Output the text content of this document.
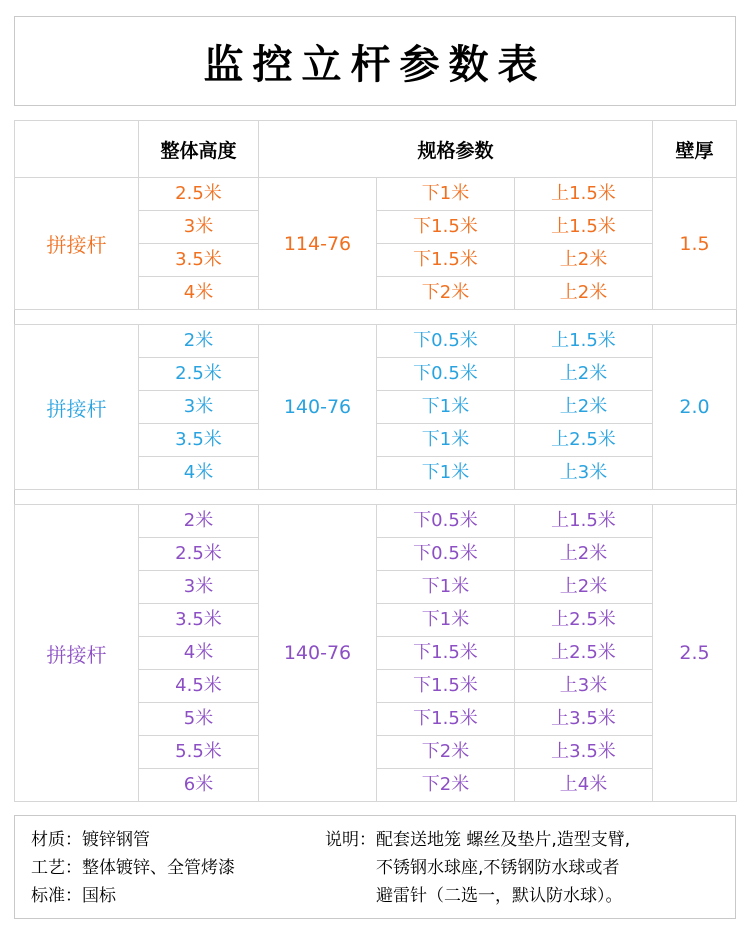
监控立杆参数表
	整体高度	规格参数			壁厚
拼接杆	2.5米	114-76	下1米	上1.5米	1.5
	3米		下1.5米	上1.5米	
	3.5米		下1.5米	上2米	
	4米		下2米	上2米	

拼接杆	2米	140-76	下0.5米	上1.5米	2.0
	2.5米		下0.5米	上2米	
	3米		下1米	上2米	
	3.5米		下1米	上2.5米	
	4米		下1米	上3米	

拼接杆	2米	140-76	下0.5米	上1.5米	2.5
	2.5米		下0.5米	上2米	
	3米		下1米	上2米	
	3.5米		下1米	上2.5米	
	4米		下1.5米	上2.5米	
	4.5米		下1.5米	上3米	
	5米		下1.5米	上3.5米	
	5.5米		下2米	上3.5米	
	6米		下2米	上4米	
材质：镀锌钢管
工艺：整体镀锌、全管烤漆
标准：国标
说明： 配套送地笼 螺丝及垫片,造型支臂,
不锈钢水球座,不锈钢防水球或者
避雷针（二选一，默认防水球）。
